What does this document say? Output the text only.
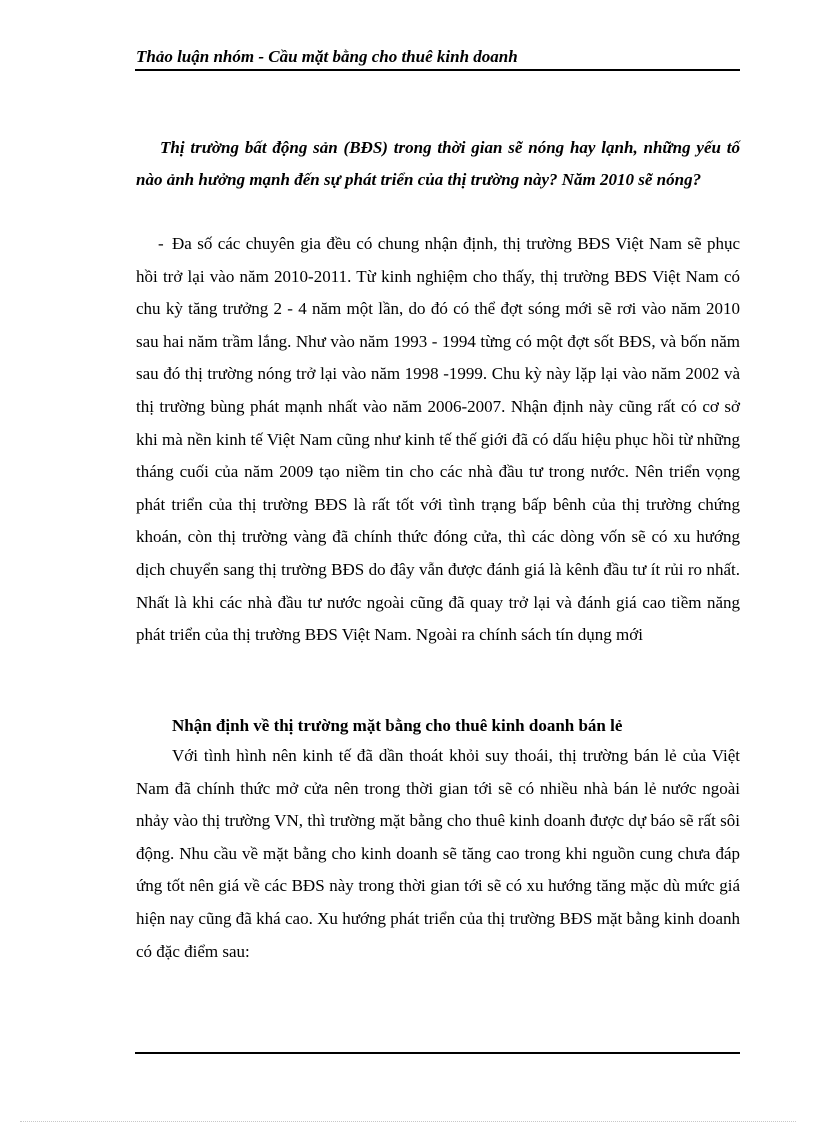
Thảo luận nhóm - Cầu mặt bằng cho thuê kinh doanh
Thị trường bất động sản (BĐS) trong thời gian sẽ nóng hay lạnh, những yếu tố nào ảnh hưởng mạnh đến sự phát triển của thị trường này? Năm 2010 sẽ nóng?
- Đa số các chuyên gia đều có chung nhận định, thị trường BĐS Việt Nam sẽ phục hồi trở lại vào năm 2010-2011. Từ kinh nghiệm cho thấy, thị trường BĐS Việt Nam có chu kỳ tăng trưởng 2 - 4 năm một lần, do đó có thể đợt sóng mới sẽ rơi vào năm 2010 sau hai năm trầm lắng. Như vào năm 1993 - 1994 từng có một đợt sốt BĐS, và bốn năm sau đó thị trường nóng trở lại vào năm 1998 -1999. Chu kỳ này lặp lại vào năm 2002 và thị trường bùng phát mạnh nhất vào năm 2006-2007. Nhận định này cũng rất có cơ sở khi mà nền kinh tế Việt Nam cũng như kinh tế thế giới đã có dấu hiệu phục hồi từ những tháng cuối của năm 2009 tạo niềm tin cho các nhà đầu tư trong nước. Nên triển vọng phát triển của thị trường BĐS là rất tốt với tình trạng bấp bênh của thị trường chứng khoán, còn thị trường vàng đã chính thức đóng cửa, thì các dòng vốn sẽ có xu hướng dịch chuyển sang thị trường BĐS do đây vẫn được đánh giá là kênh đầu tư ít rủi ro nhất. Nhất là khi các nhà đầu tư nước ngoài cũng đã quay trở lại và đánh giá cao tiềm năng phát triển của thị trường BĐS Việt Nam. Ngoài ra chính sách tín dụng mới
Nhận định về thị trường mặt bằng cho thuê kinh doanh bán lẻ
Với tình hình nên kinh tế đã dần thoát khỏi suy thoái, thị trường bán lẻ của Việt Nam đã chính thức mở cửa nên trong thời gian tới sẽ có nhiều nhà bán lẻ nước ngoài nhảy vào thị trường VN, thì trường mặt bằng cho thuê kinh doanh được dự báo sẽ rất sôi động. Nhu cầu về mặt bằng cho kinh doanh sẽ tăng cao trong khi nguồn cung chưa đáp ứng tốt nên giá về các BĐS này trong thời gian tới sẽ có xu hướng tăng mặc dù mức giá hiện nay cũng đã khá cao. Xu hướng phát triển của thị trường BĐS mặt bằng kinh doanh có đặc điểm sau:
